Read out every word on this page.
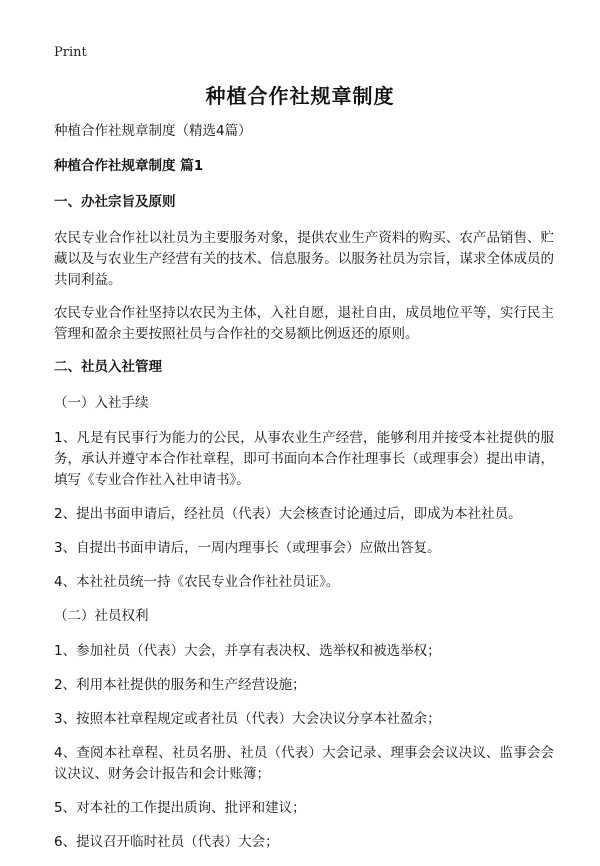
Print
种植合作社规章制度

种植合作社规章制度（精选4篇）

种植合作社规章制度 篇1

一、办社宗旨及原则

农民专业合作社以社员为主要服务对象，提供农业生产资料的购买、农产品销售、贮藏以及与农业生产经营有关的技术、信息服务。以服务社员为宗旨，谋求全体成员的共同利益。

农民专业合作社坚持以农民为主体，入社自愿，退社自由，成员地位平等，实行民主管理和盈余主要按照社员与合作社的交易额比例返还的原则。

二、社员入社管理

（一）入社手续

1、凡是有民事行为能力的公民，从事农业生产经营，能够利用并接受本社提供的服务，承认并遵守本合作社章程，即可书面向本合作社理事长（或理事会）提出申请，填写《专业合作社入社申请书》。

2、提出书面申请后，经社员（代表）大会核查讨论通过后，即成为本社社员。

3、自提出书面申请后，一周内理事长（或理事会）应做出答复。

4、本社社员统一持《农民专业合作社社员证》。

（二）社员权利

1、参加社员（代表）大会，并享有表决权、选举权和被选举权；

2、利用本社提供的服务和生产经营设施；

3、按照本社章程规定或者社员（代表）大会决议分享本社盈余；

4、查阅本社章程、社员名册、社员（代表）大会记录、理事会会议决议、监事会会议决议、财务会计报告和会计账簿；

5、对本社的工作提出质询、批评和建议；

6、提议召开临时社员（代表）大会；
